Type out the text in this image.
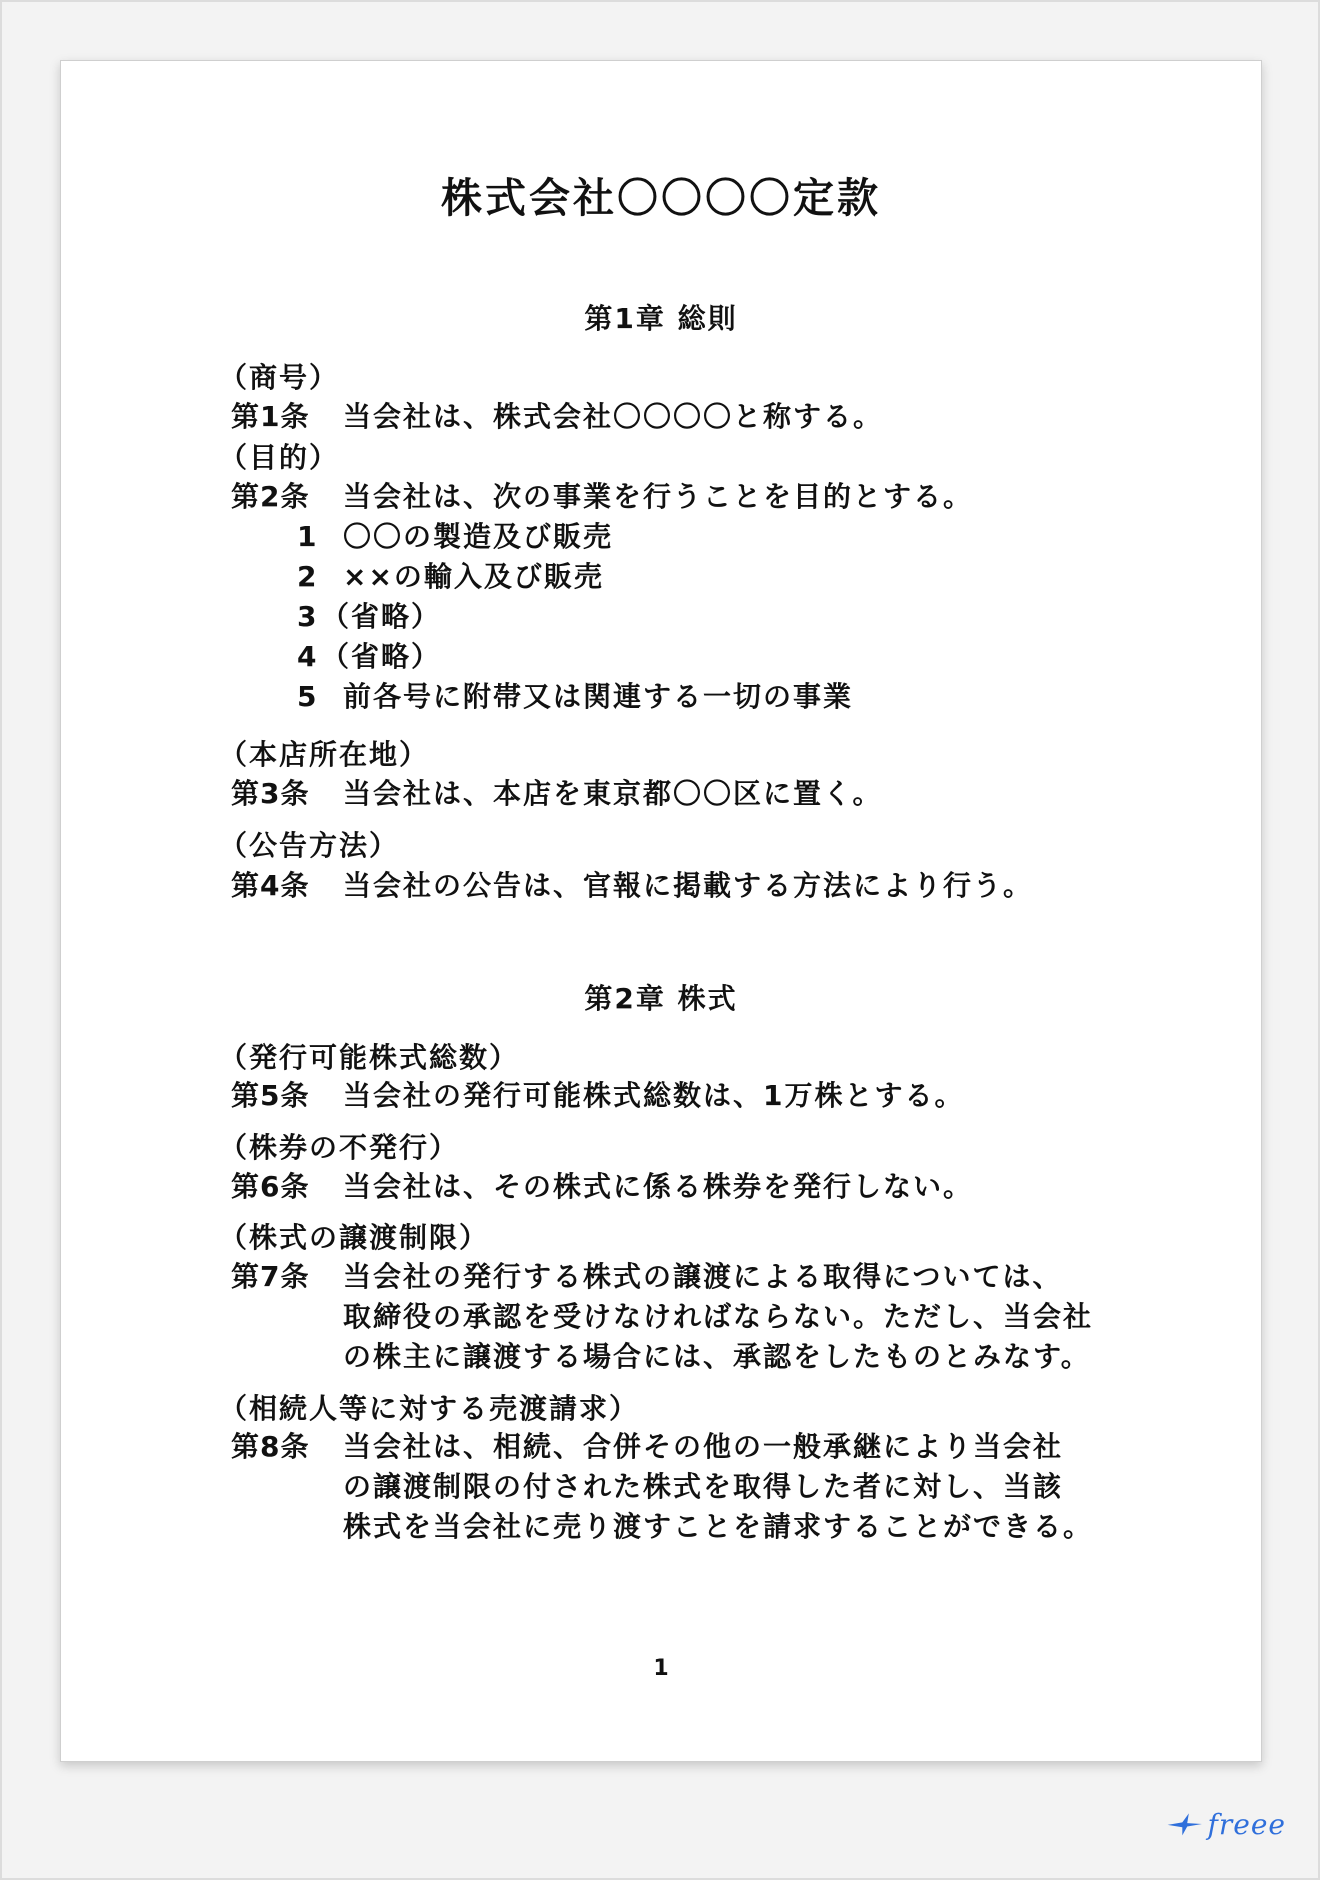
株式会社〇〇〇〇定款
第1章 総則
（商号）
第1条 当会社は、株式会社〇〇〇〇と称する。
（目的）
第2条 当会社は、次の事業を行うことを目的とする。
1 〇〇の製造及び販売
2 ××の輸入及び販売
3 （省略）
4 （省略）
5 前各号に附帯又は関連する一切の事業
（本店所在地）
第3条 当会社は、本店を東京都〇〇区に置く。
（公告方法）
第4条 当会社の公告は、官報に掲載する方法により行う。
第2章 株式
（発行可能株式総数）
第5条 当会社の発行可能株式総数は、1万株とする。
（株券の不発行）
第6条 当会社は、その株式に係る株券を発行しない。
（株式の譲渡制限）
第7条 当会社の発行する株式の譲渡による取得については、
取締役の承認を受けなければならない。ただし、当会社
の株主に譲渡する場合には、承認をしたものとみなす。
（相続人等に対する売渡請求）
第8条 当会社は、相続、合併その他の一般承継により当会社
の譲渡制限の付された株式を取得した者に対し、当該
株式を当会社に売り渡すことを請求することができる。
1
freee
